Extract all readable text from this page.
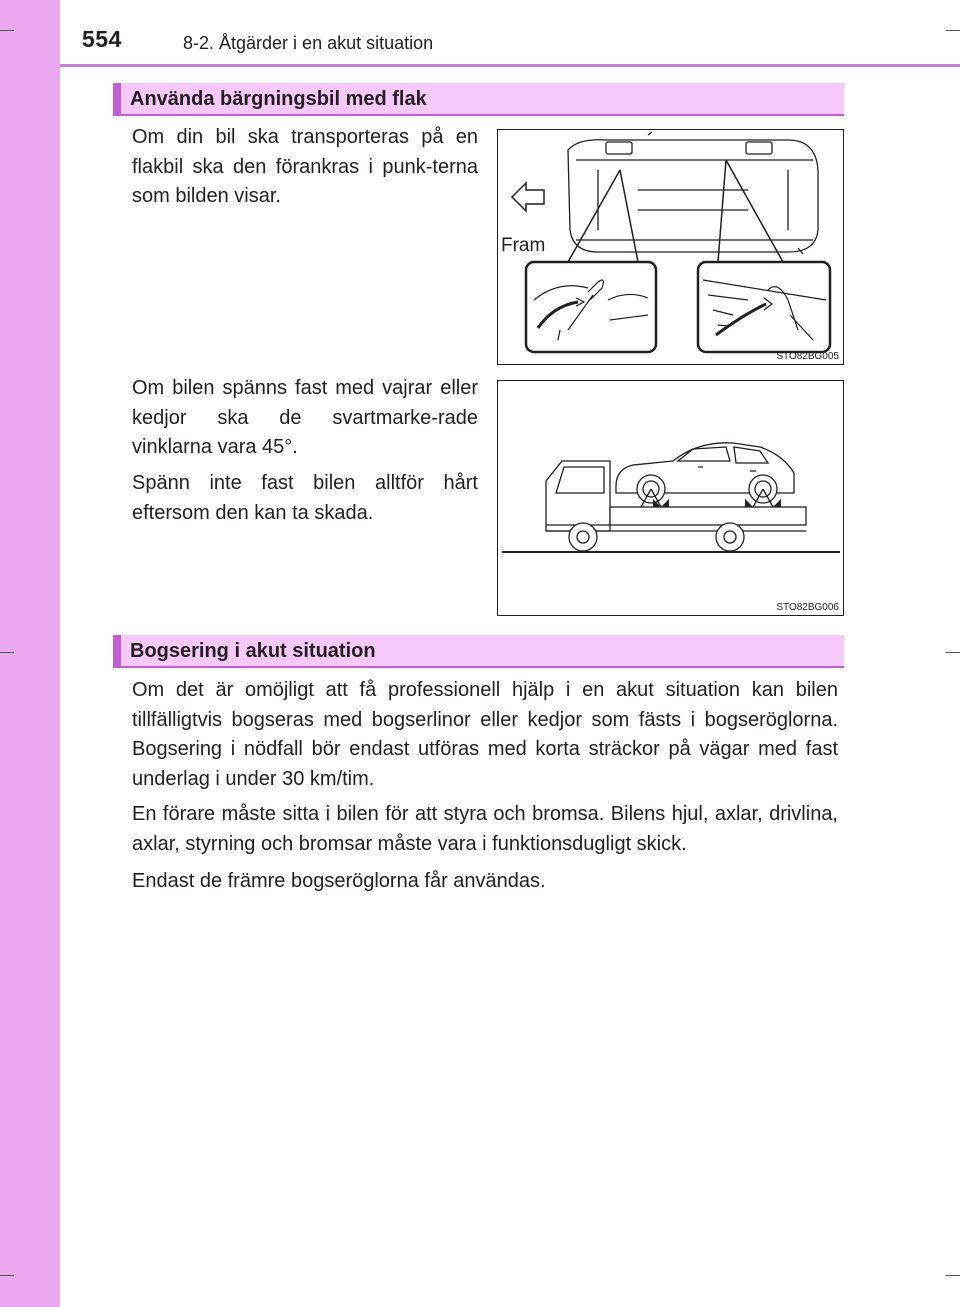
554	8-2. Åtgärder i en akut situation
Använda bärgningsbil med flak

Om din bil ska transporteras på en flakbil ska den förankras i punk-terna som bilden visar.

Fram
STO82BG005

Om bilen spänns fast med vajrar eller kedjor ska de svartmarke-rade vinklarna vara 45°.

Spänn inte fast bilen alltför hårt eftersom den kan ta skada.

STO82BG006
Bogsering i akut situation

Om det är omöjligt att få professionell hjälp i en akut situation kan bilen tillfälligtvis bogseras med bogserlinor eller kedjor som fästs i bogseröglorna. Bogsering i nödfall bör endast utföras med korta sträckor på vägar med fast underlag i under 30 km/tim.

En förare måste sitta i bilen för att styra och bromsa. Bilens hjul, axlar, drivlina, axlar, styrning och bromsar måste vara i funktionsdugligt skick.

Endast de främre bogseröglorna får användas.
